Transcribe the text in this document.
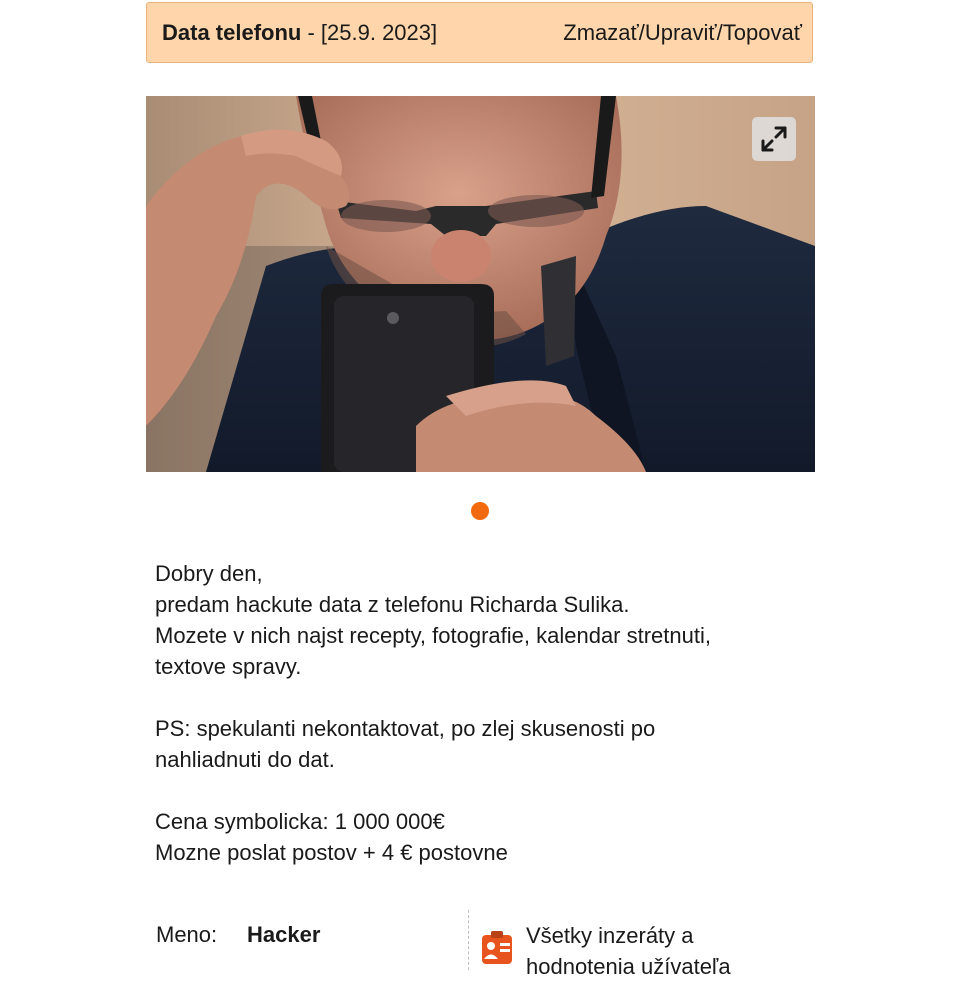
Data telefonu - [25.9. 2023]	Zmazať/ Upraviť/ Topovať

Dobry den,

predam hackute data z telefonu Richarda Sulika.

Mozete v nich najst recepty, fotografie, kalendar stretnuti,

textove spravy.

PS: spekulanti nekontaktovat, po zlej skusenosti po

nahliadnuti do dat.

Cena symbolicka: 1 000 000€

Mozne poslat postov + 4 € postovne

Meno: Hacker	Všetky inzeráty a
hodnotenia užívateľa
